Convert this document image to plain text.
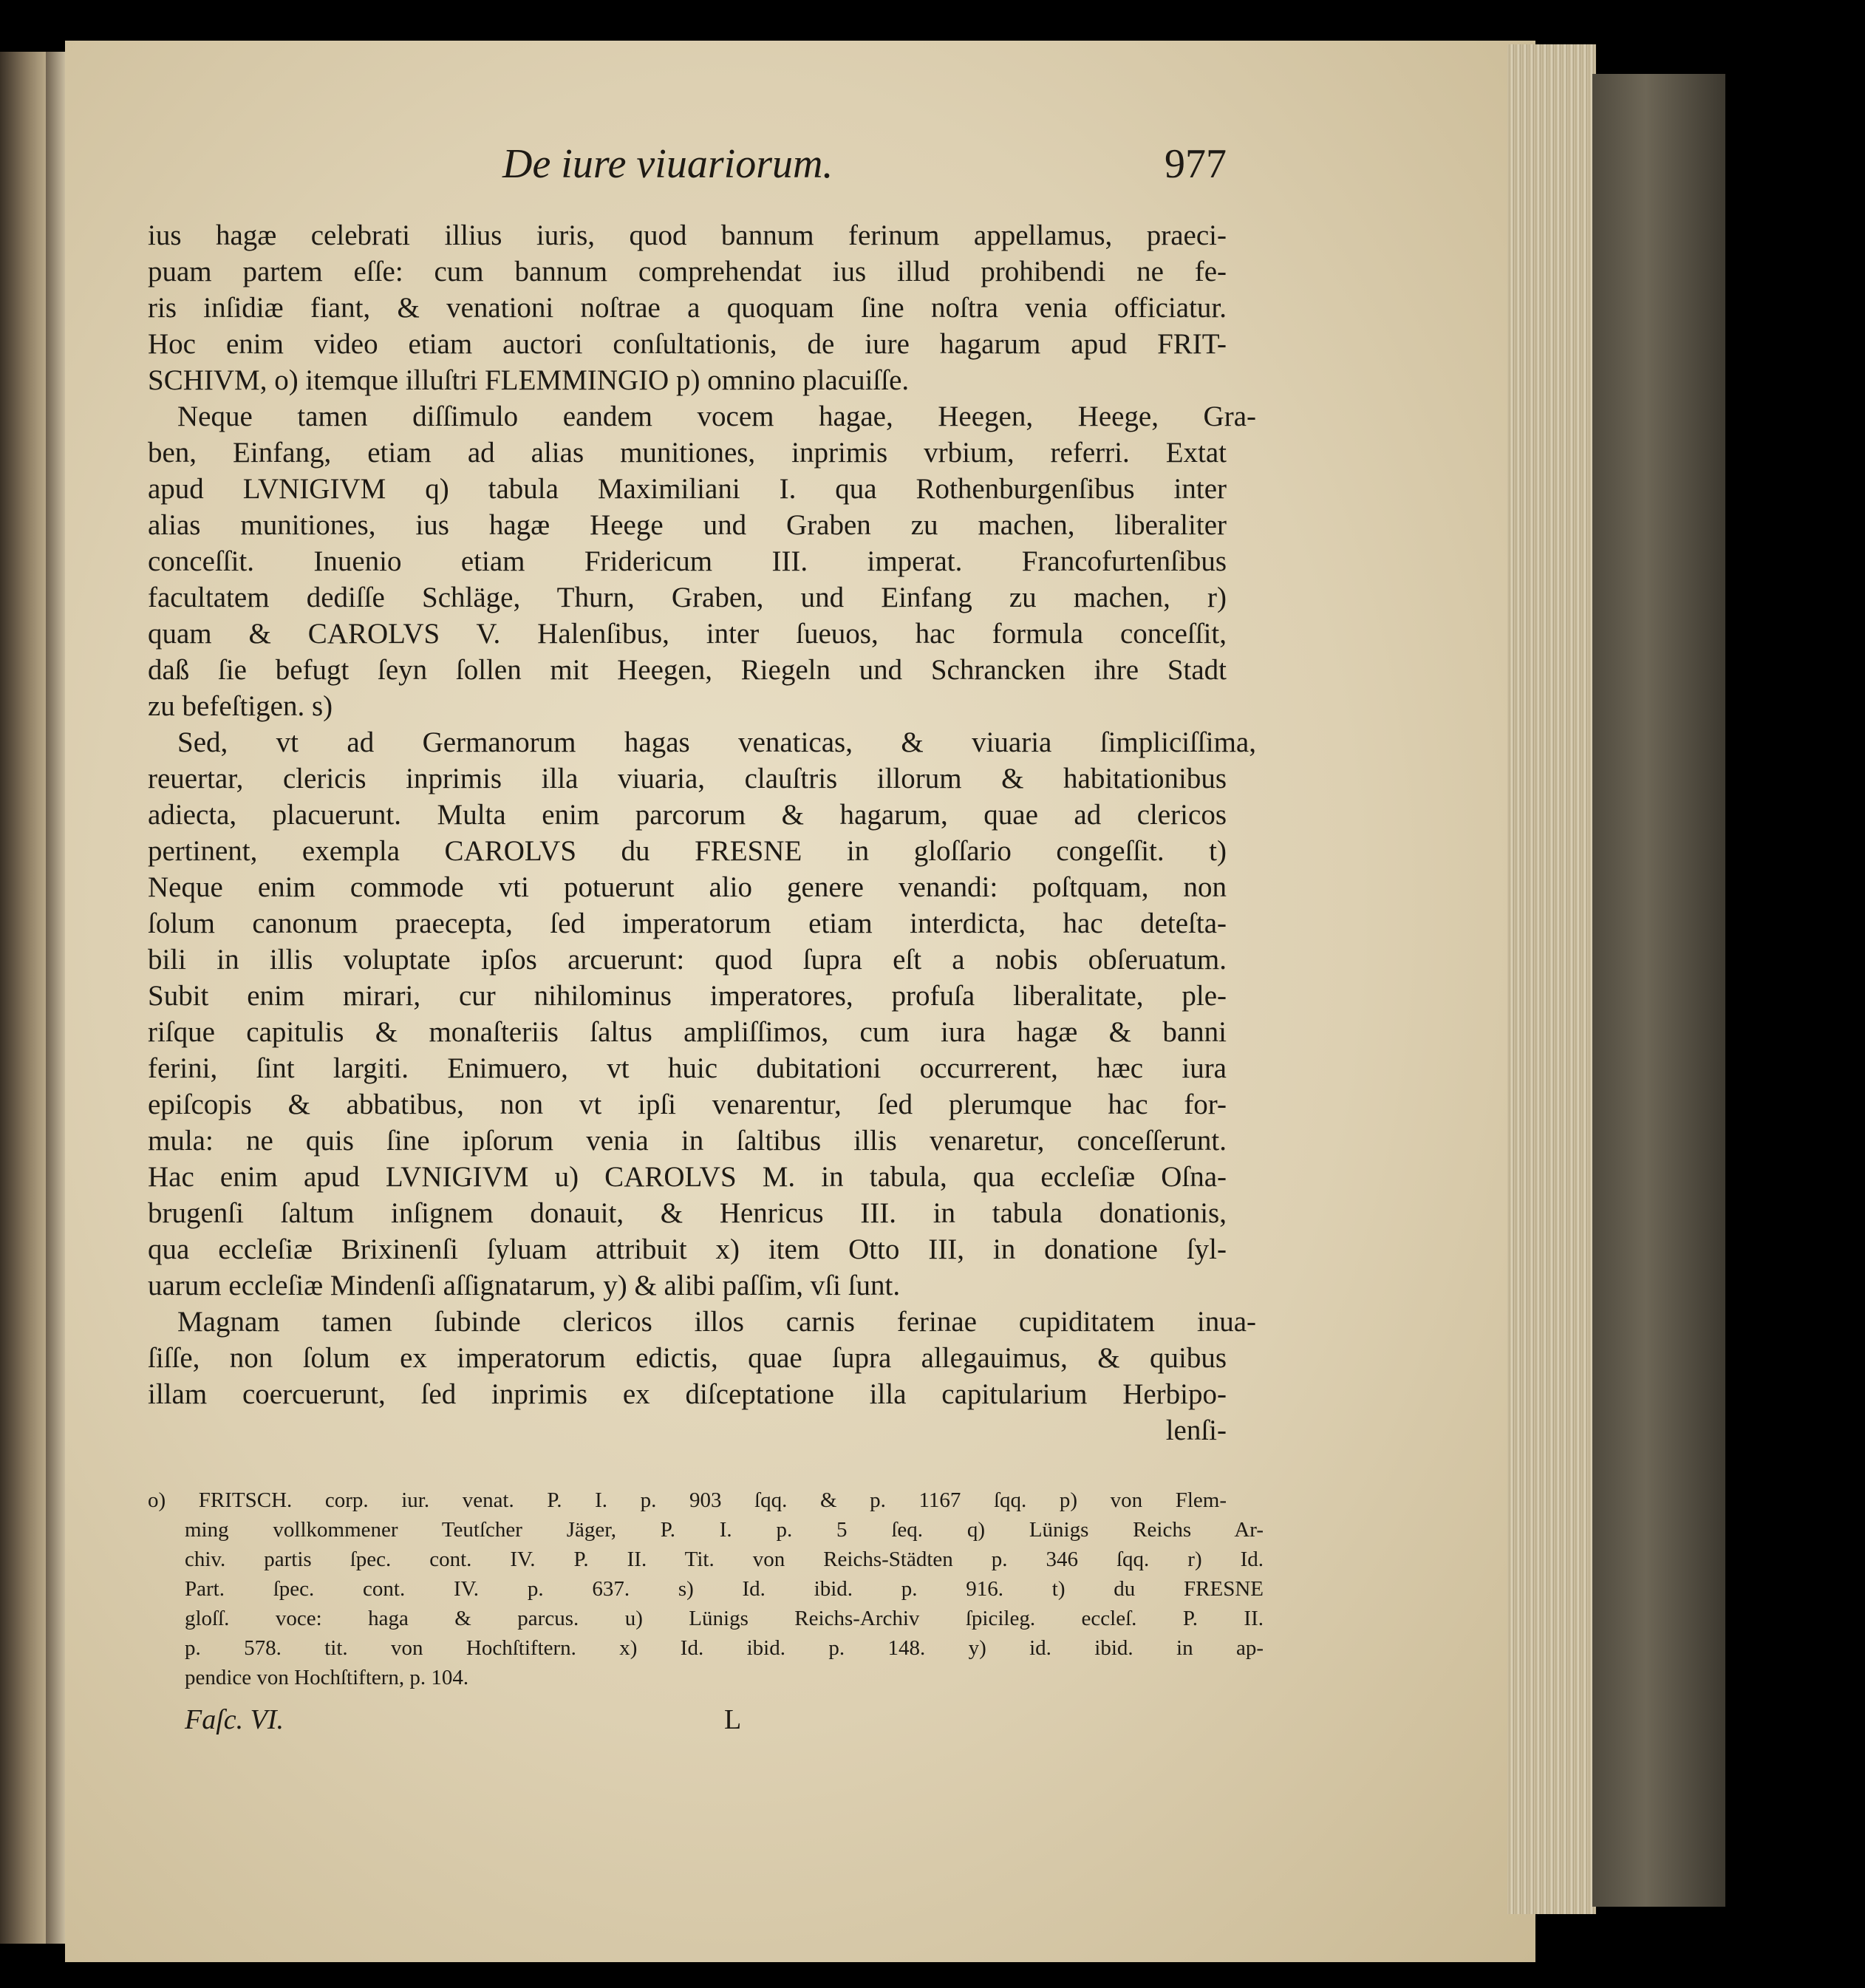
De iure viuariorum.	977
ius hagæ celebrati illius iuris, quod bannum ferinum appellamus, praeci-
puam partem eſſe: cum bannum comprehendat ius illud prohibendi ne fe-
ris inſidiæ fiant, & venationi noſtrae a quoquam ſine noſtra venia officiatur.
Hoc enim video etiam auctori conſultationis, de iure hagarum apud FRIT-
SCHIVM, o) itemque illuſtri FLEMMINGIO p) omnino placuiſſe.
Neque tamen diſſimulo eandem vocem hagae, Heegen, Heege, Gra-
ben, Einfang, etiam ad alias munitiones, inprimis vrbium, referri. Extat
apud LVNIGIVM q) tabula Maximiliani I. qua Rothenburgenſibus inter
alias munitiones, ius hagæ Heege und Graben zu machen, liberaliter
conceſſit. Inuenio etiam Fridericum III. imperat. Francofurtenſibus
facultatem dediſſe Schläge, Thurn, Graben, und Einfang zu machen, r)
quam & CAROLVS V. Halenſibus, inter ſueuos, hac formula conceſſit,
daß ſie befugt ſeyn ſollen mit Heegen, Riegeln und Schrancken ihre Stadt
zu befeſtigen. s)
Sed, vt ad Germanorum hagas venaticas, & viuaria ſimpliciſſima,
reuertar, clericis inprimis illa viuaria, clauſtris illorum & habitationibus
adiecta, placuerunt. Multa enim parcorum & hagarum, quae ad clericos
pertinent, exempla CAROLVS du FRESNE in gloſſario congeſſit. t)
Neque enim commode vti potuerunt alio genere venandi: poſtquam, non
ſolum canonum praecepta, ſed imperatorum etiam interdicta, hac deteſta-
bili in illis voluptate ipſos arcuerunt: quod ſupra eſt a nobis obſeruatum.
Subit enim mirari, cur nihilominus imperatores, profuſa liberalitate, ple-
riſque capitulis & monaſteriis ſaltus ampliſſimos, cum iura hagæ & banni
ferini, ſint largiti. Enimuero, vt huic dubitationi occurrerent, hæc iura
epiſcopis & abbatibus, non vt ipſi venarentur, ſed plerumque hac for-
mula: ne quis ſine ipſorum venia in ſaltibus illis venaretur, conceſſerunt.
Hac enim apud LVNIGIVM u) CAROLVS M. in tabula, qua eccleſiæ Oſna-
brugenſi ſaltum inſignem donauit, & Henricus III. in tabula donationis,
qua eccleſiæ Brixinenſi ſyluam attribuit x) item Otto III, in donatione ſyl-
uarum eccleſiæ Mindenſi aſſignatarum, y) & alibi paſſim, vſi ſunt.
Magnam tamen ſubinde clericos illos carnis ferinae cupiditatem inua-
ſiſſe, non ſolum ex imperatorum edictis, quae ſupra allegauimus, & quibus
illam coercuerunt, ſed inprimis ex diſceptatione illa capitularium Herbipo-
lenſi-
o) FRITSCH. corp. iur. venat. P. I. p. 903 ſqq. & p. 1167 ſqq. p) von Flem-
ming vollkommener Teutſcher Jäger, P. I. p. 5 ſeq. q) Lünigs Reichs Ar-
chiv. partis ſpec. cont. IV. P. II. Tit. von Reichs-Städten p. 346 ſqq. r) Id.
Part. ſpec. cont. IV. p. 637. s) Id. ibid. p. 916. t) du FRESNE
gloſſ. voce: haga & parcus. u) Lünigs Reichs-Archiv ſpicileg. eccleſ. P. II.
p. 578. tit. von Hochſtiftern. x) Id. ibid. p. 148. y) id. ibid. in ap-
pendice von Hochſtiftern, p. 104.
Faſc. VI.	L
